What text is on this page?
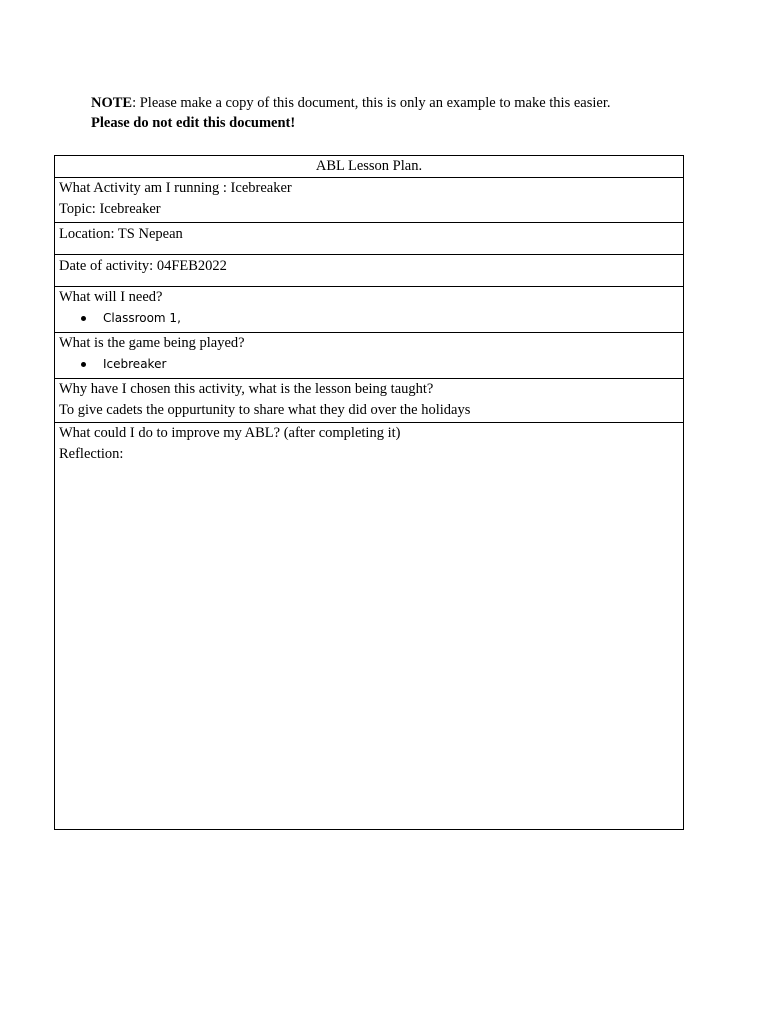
NOTE: Please make a copy of this document, this is only an example to make this easier.
Please do not edit this document!
ABL Lesson Plan.

What Activity am I running : Icebreaker
Topic: Icebreaker

Location: TS Nepean

Date of activity: 04FEB2022

What will I need?
Classroom 1,

What is the game being played?
Icebreaker

Why have I chosen this activity, what is the lesson being taught?
To give cadets the oppurtunity to share what they did over the holidays

What could I do to improve my ABL? (after completing it)
Reflection:
